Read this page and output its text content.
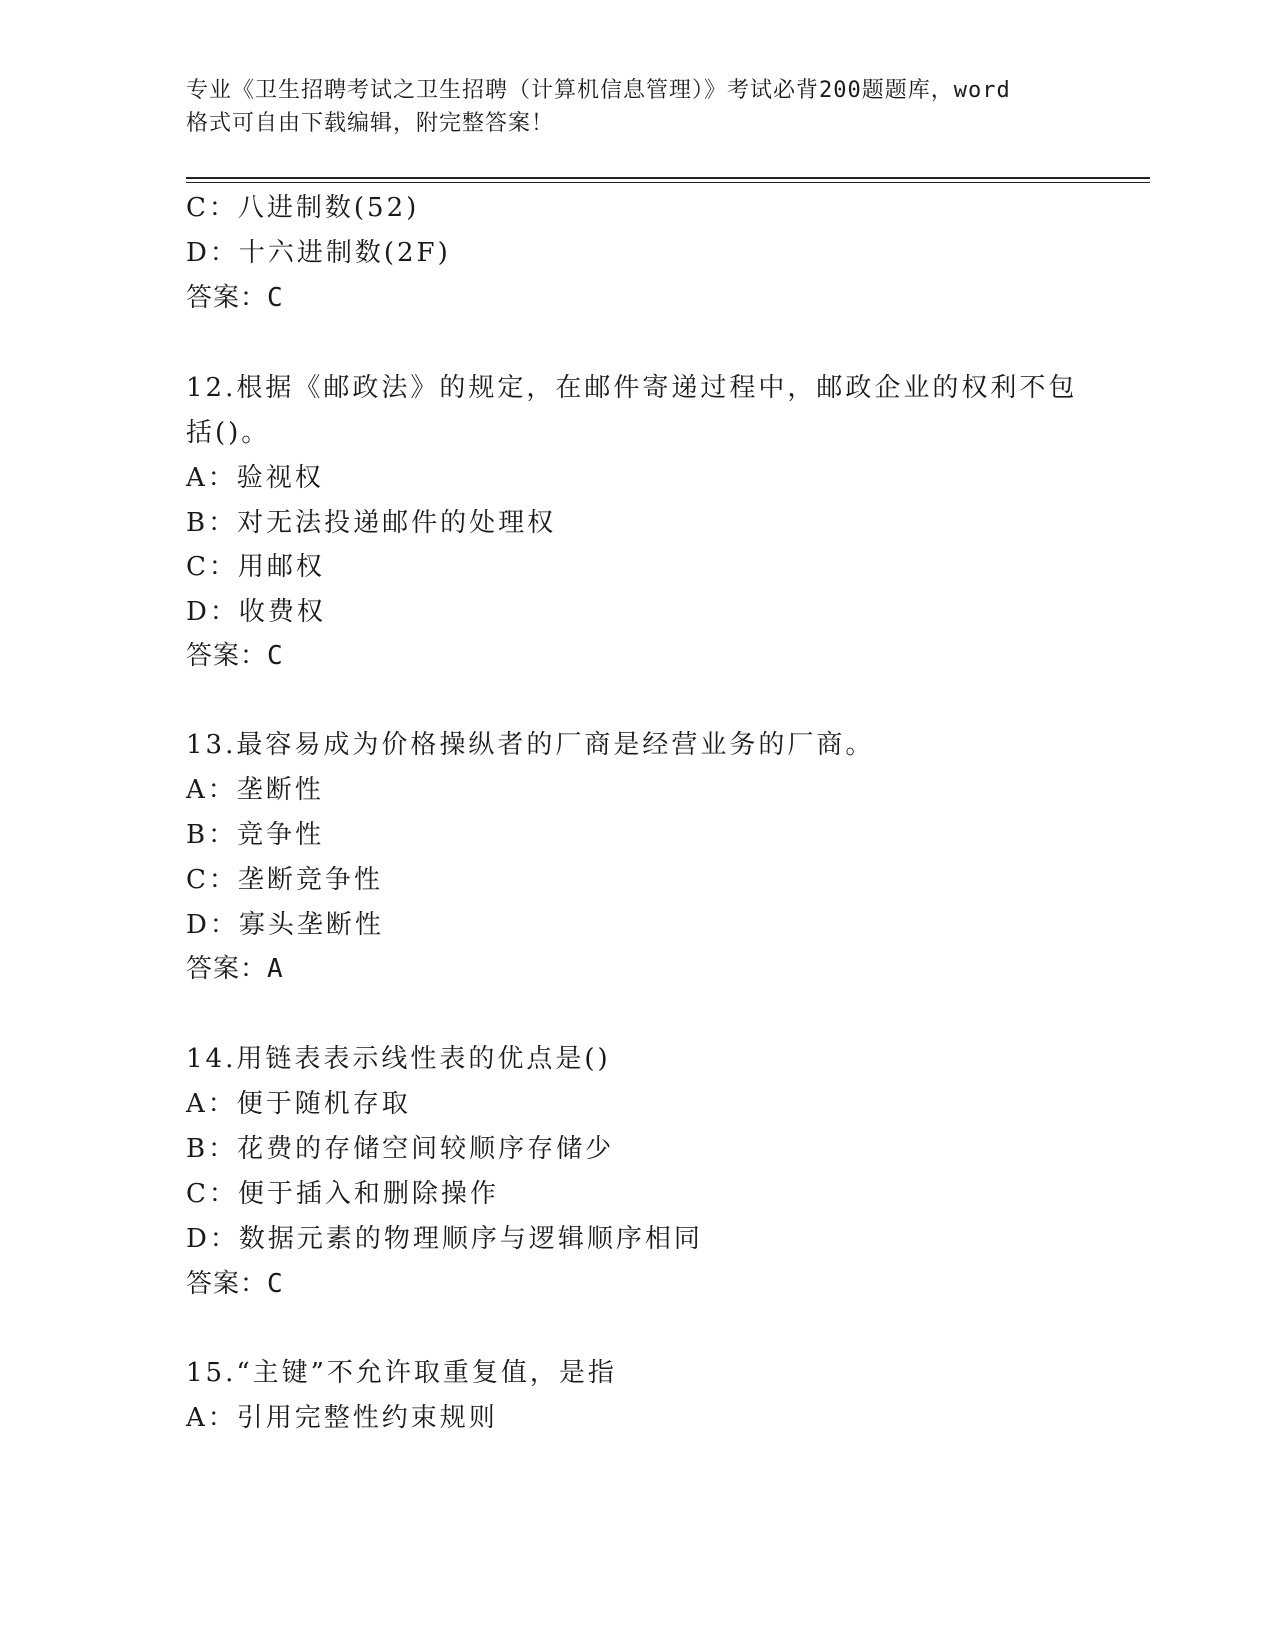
专业《卫生招聘考试之卫生招聘（计算机信息管理）》考试必背200题题库，word
格式可自由下载编辑，附完整答案！
C：八进制数(52)
D：十六进制数(2F)
答案：C
12.根据《邮政法》的规定，在邮件寄递过程中，邮政企业的权利不包
括()。
A：验视权
B：对无法投递邮件的处理权
C：用邮权
D：收费权
答案：C
13.最容易成为价格操纵者的厂商是经营业务的厂商。
A：垄断性
B：竞争性
C：垄断竞争性
D：寡头垄断性
答案：A
14.用链表表示线性表的优点是()
A：便于随机存取
B：花费的存储空间较顺序存储少
C：便于插入和删除操作
D：数据元素的物理顺序与逻辑顺序相同
答案：C
15.“主键”不允许取重复值，是指
A：引用完整性约束规则
